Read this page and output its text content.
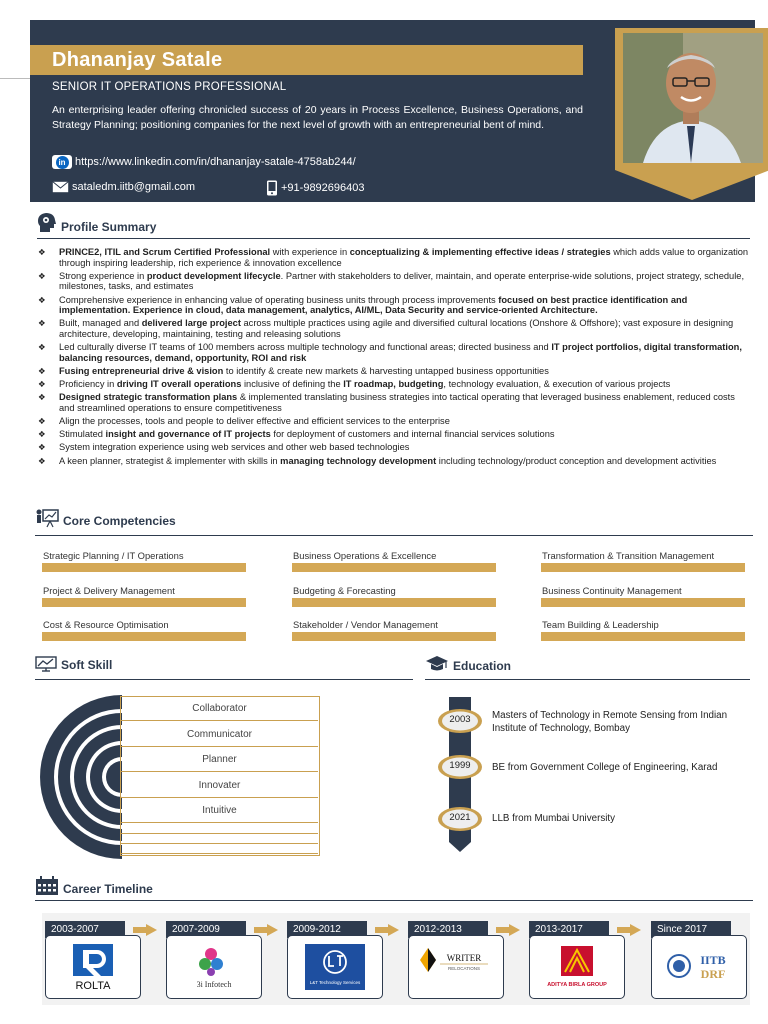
Dhananjay Satale
SENIOR IT OPERATIONS PROFESSIONAL
An enterprising leader offering chronicled success of 20 years in Process Excellence, Business Operations, and Strategy Planning; positioning companies for the next level of growth with an entrepreneurial bent of mind.
in https://www.linkedin.com/in/dhananjay-satale-4758ab244/
sataledm.iitb@gmail.com	+91-9892696403
Profile Summary
❖ PRINCE2, ITIL and Scrum Certified Professional with experience in conceptualizing & implementing effective ideas / strategies which adds value to organization through inspiring leadership, rich experience & innovation excellence
❖ Strong experience in product development lifecycle. Partner with stakeholders to deliver, maintain, and operate enterprise-wide solutions, project strategy, schedule, milestones, tasks, and estimates
❖ Comprehensive experience in enhancing value of operating business units through process improvements focused on best practice identification and implementation. Experience in cloud, data management, analytics, AI/ML, Data Security and service-oriented Architecture.
❖ Built, managed and delivered large project across multiple practices using agile and diversified cultural locations (Onshore & Offshore); vast exposure in designing architecture, developing, maintaining, testing and releasing solutions
❖ Led culturally diverse IT teams of 100 members across multiple technology and functional areas; directed business and IT project portfolios, digital transformation, balancing resources, demand, opportunity, ROI and risk
❖ Fusing entrepreneurial drive & vision to identify & create new markets & harvesting untapped business opportunities
❖ Proficiency in driving IT overall operations inclusive of defining the IT roadmap, budgeting, technology evaluation, & execution of various projects
❖ Designed strategic transformation plans & implemented translating business strategies into tactical operating that leveraged business enablement, reduced costs and streamlined operations to ensure competitiveness
❖ Align the processes, tools and people to deliver effective and efficient services to the enterprise
❖ Stimulated insight and governance of IT projects for deployment of customers and internal financial services solutions
❖ System integration experience using web services and other web based technologies
❖ A keen planner, strategist & implementer with skills in managing technology development including technology/product conception and development activities
Core Competencies
Strategic Planning / IT Operations	Business Operations & Excellence	Transformation & Transition Management
Project & Delivery Management	Budgeting & Forecasting	Business Continuity Management
Cost & Resource Optimisation	Stakeholder / Vendor Management	Team Building & Leadership
Soft Skill
Collaborator
Communicator
Planner
Innovater
Intuitive
Education
2003	Masters of Technology in Remote Sensing from Indian Institute of Technology, Bombay
1999	BE from Government College of Engineering, Karad
2021	LLB from Mumbai University
Career Timeline
2003-2007
ROLTA
2007-2009
3i Infotech
2009-2012
L&T Technology Services
2012-2013
WRITER
RELOCATIONS
2013-2017
ADITYA BIRLA GROUP
Since 2017
IITB
DRF
